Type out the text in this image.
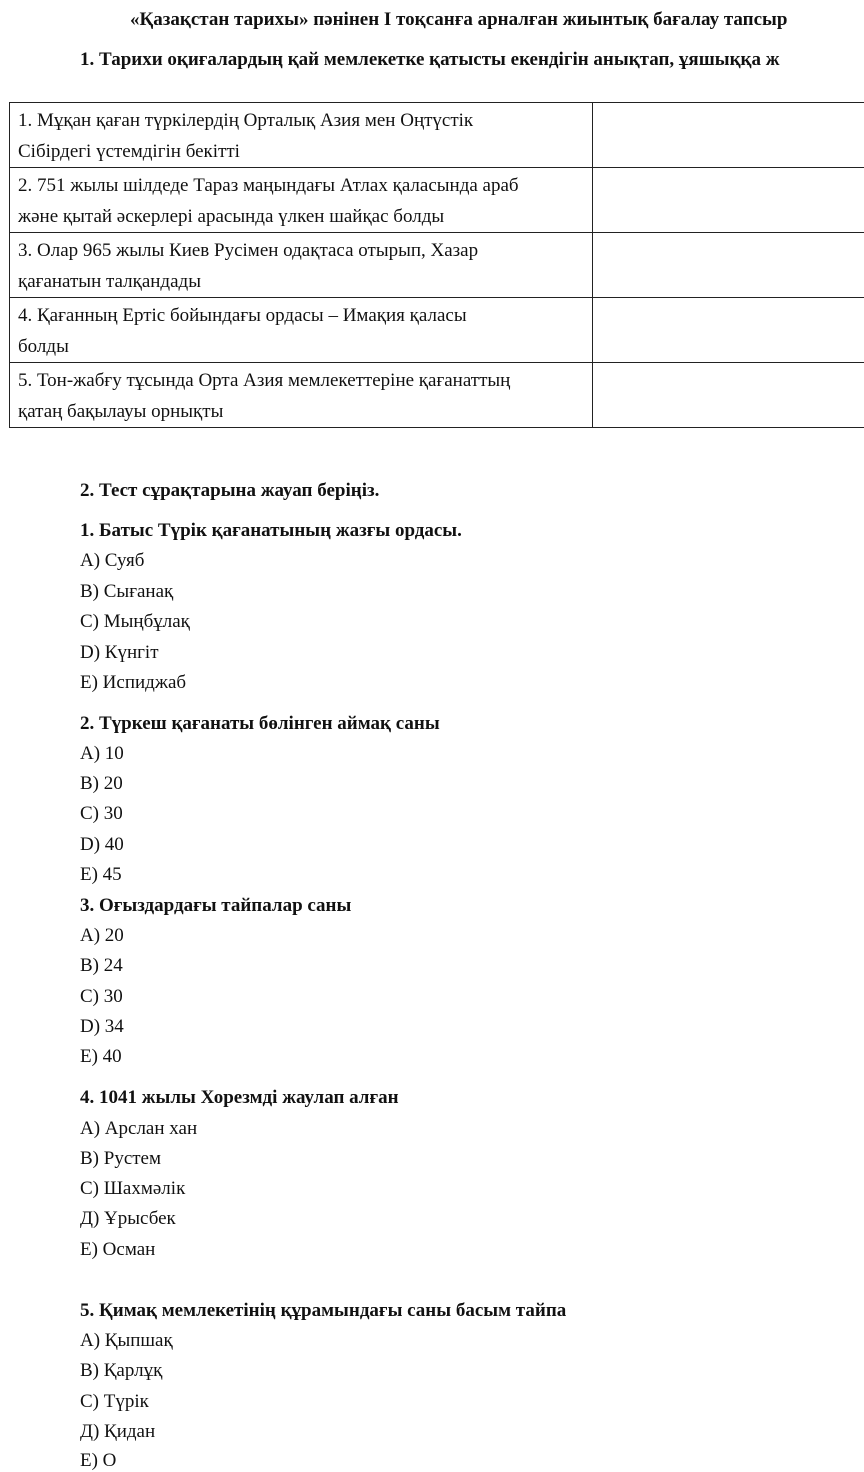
«Қазақстан тарихы» пәнінен І тоқсанға арналған жиынтық бағалау тапсыр
1. Тарихи оқиғалардың қай мемлекетке қатысты екендігін анықтап, ұяшыққа ж
1. Мұқан қаған түркілердің Орталық Азия мен Оңтүстік
Сібірдегі үстемдігін бекітті	

2. 751 жылы шілдеде Тараз маңындағы Атлах қаласында араб
және қытай әскерлері арасында үлкен шайқас болды	

3. Олар 965 жылы Киев Русімен одақтаса отырып, Хазар
қағанатын талқандады	

4. Қағанның Ертіс бойындағы ордасы – Имақия қаласы
болды	

5. Тон-жабғу тұсында Орта Азия мемлекеттеріне қағанаттың
қатаң бақылауы орнықты	

2. Тест сұрақтарына жауап беріңіз.
1. Батыс Түрік қағанатының жазғы ордасы.
A) Суяб
B) Сығанақ
C) Мыңбұлақ
D) Күнгіт
E) Испиджаб
2. Түркеш қағанаты бөлінген аймақ саны
A) 10
B) 20
C) 30
D) 40
E) 45
3. Оғыздардағы тайпалар саны
A) 20
B) 24
C) 30
D) 34
E) 40
4. 1041 жылы Хорезмді жаулап алған
A) Арслан хан
B) Рустем
C) Шахмәлік
Д) Ұрысбек
E) Осман
5. Қимақ мемлекетінің құрамындағы саны басым тайпа
A) Қыпшақ
B) Қарлұқ
C) Түрік
Д) Қидан
E) О
